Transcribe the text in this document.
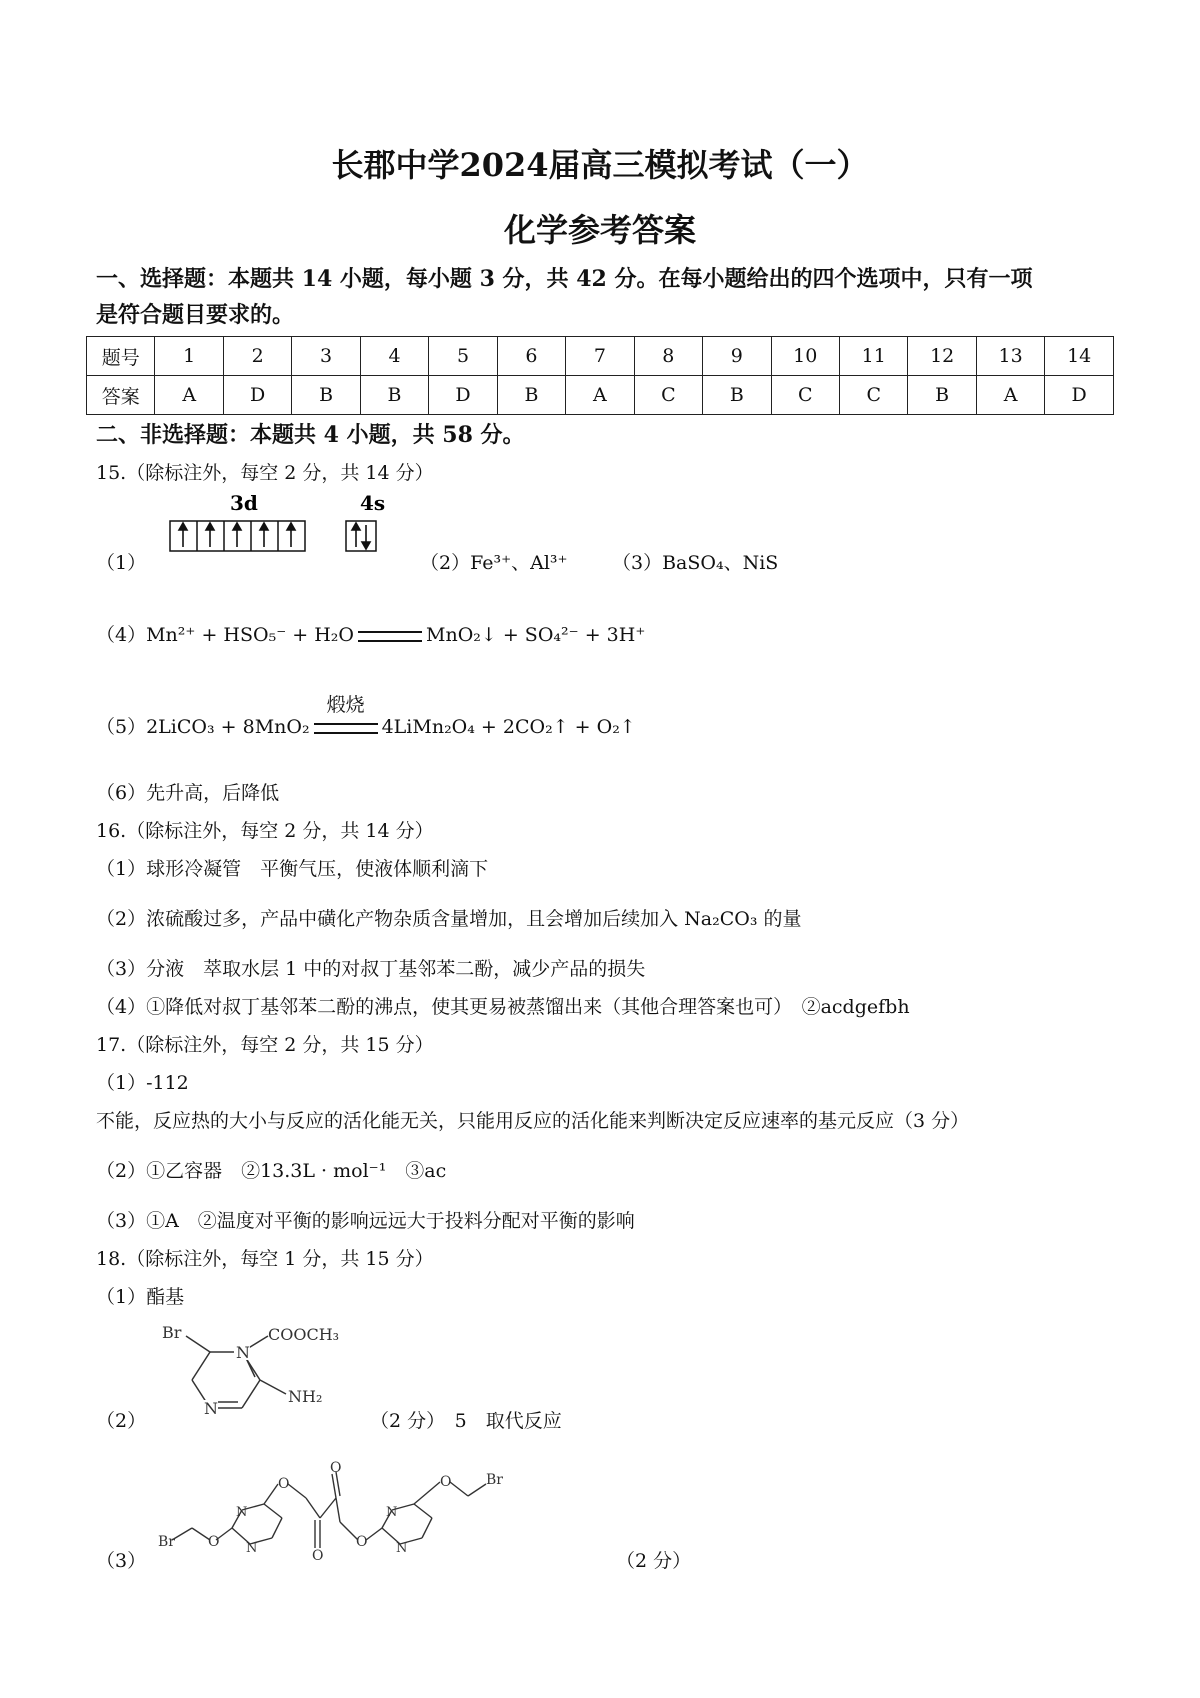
长郡中学2024届高三模拟考试（一）
化学参考答案
一、选择题：本题共 14 小题，每小题 3 分，共 42 分。在每小题给出的四个选项中，只有一项
是符合题目要求的。
题号	1	2	3	4	5	6	7	8	9	10	11	12	13	14
答案	A	D	B	B	D	B	A	C	B	C	C	B	A	D
二、非选择题：本题共 4 小题，共 58 分。
15.（除标注外，每空 2 分，共 14 分）
（1）
3d	4s
（2）Fe³⁺、Al³⁺ （3）BaSO₄、NiS
（4）Mn²⁺ + HSO₅⁻ + H₂O	MnO₂↓ + SO₄²⁻ + 3H⁺
（5）2LiCO₃ + 8MnO₂
煅烧
4LiMn₂O₄ + 2CO₂↑ + O₂↑
（6）先升高，后降低
16.（除标注外，每空 2 分，共 14 分）
（1）球形冷凝管　平衡气压，使液体顺利滴下
（2）浓硫酸过多，产品中磺化产物杂质含量增加，且会增加后续加入 Na₂CO₃ 的量
（3）分液　萃取水层 1 中的对叔丁基邻苯二酚，减少产品的损失
（4）①降低对叔丁基邻苯二酚的沸点，使其更易被蒸馏出来（其他合理答案也可）　②acdgefbh
17.（除标注外，每空 2 分，共 15 分）
（1）-112
不能，反应热的大小与反应的活化能无关，只能用反应的活化能来判断决定反应速率的基元反应（3 分）
（2）①乙容器　②13.3L · mol⁻¹　③ac
（3）①A　②温度对平衡的影响远远大于投料分配对平衡的影响
18.（除标注外，每空 1 分，共 15 分）
（1）酯基
（2）
N
N
Br	COOCH₃
NH₂
（2 分）　5　取代反应
（3）
Br O
N
N
O
O
O
O
N
N
O Br
（2 分）
